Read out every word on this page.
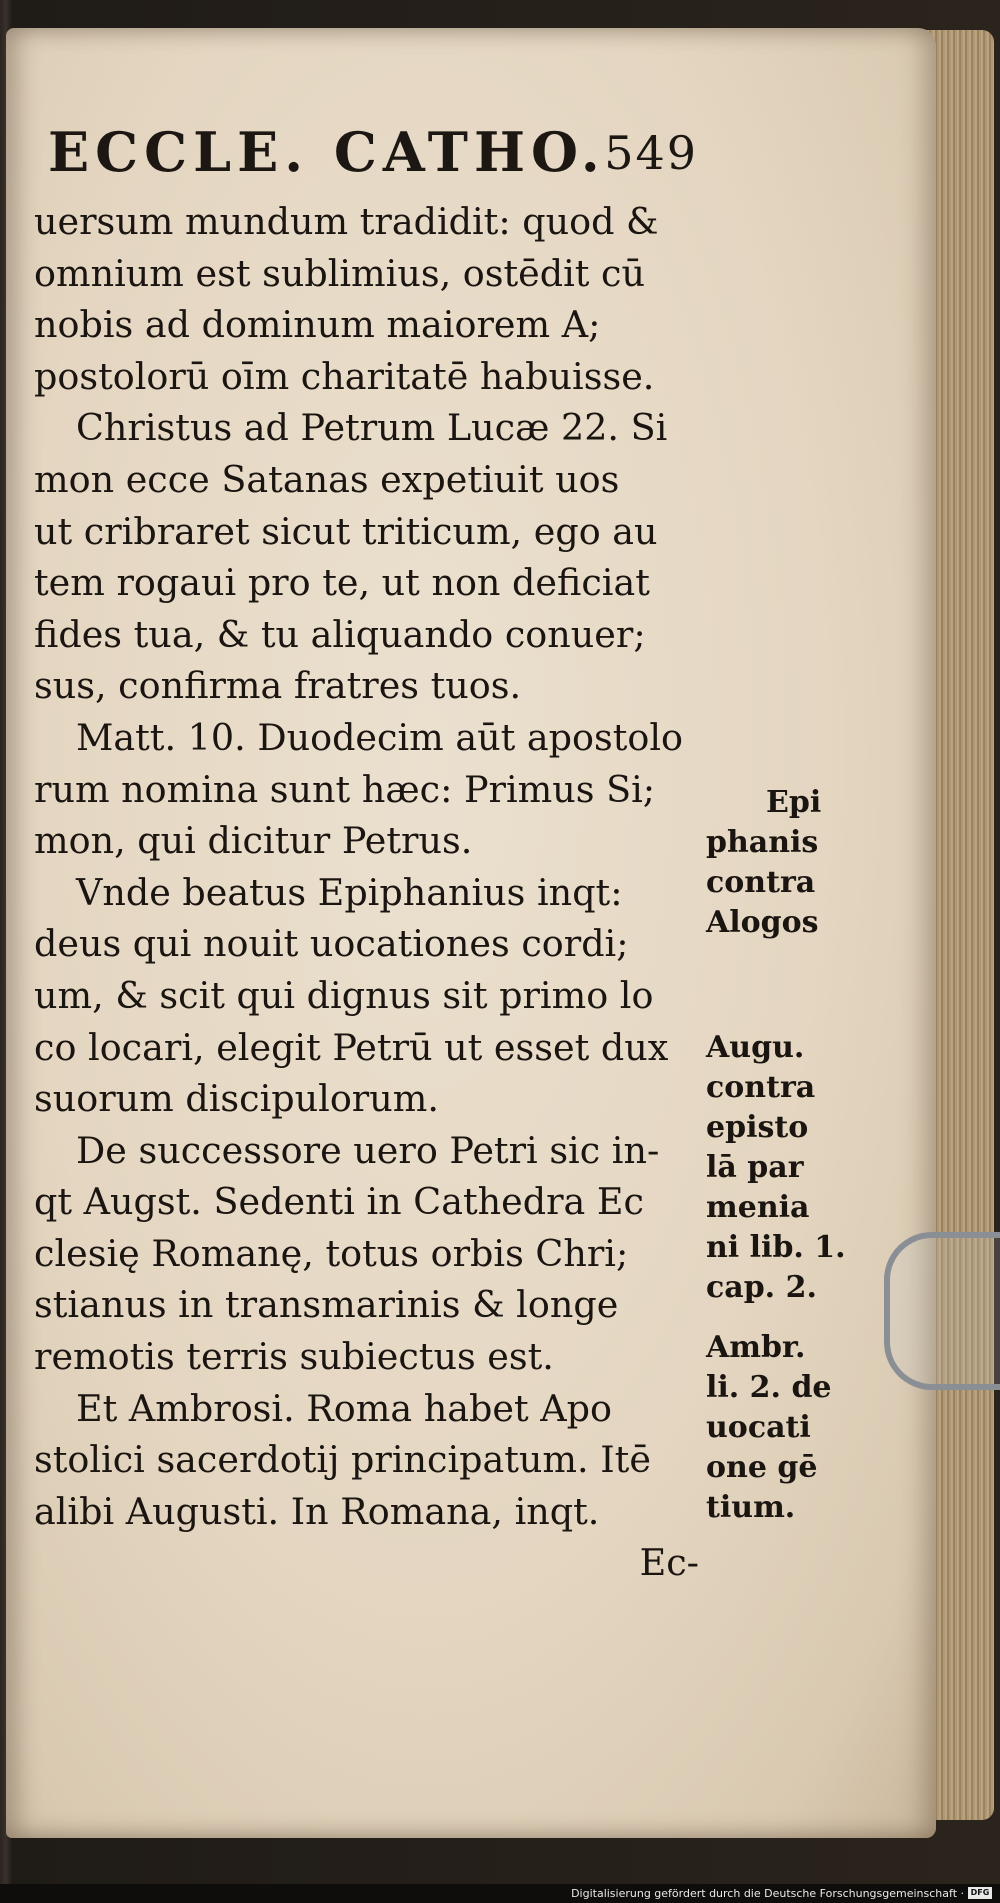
ECCLE. CATHO.
549
uersum mundum tradidit: quod &
omnium est sublimius, ostēdit cū
nobis ad dominum maiorem A;
postolorū oīm charitatē habuisse.
Christus ad Petrum Lucæ 22. Si
mon ecce Satanas expetiuit uos
ut cribraret sicut triticum, ego au
tem rogaui pro te, ut non deficiat
fides tua, & tu aliquando conuer;
sus, confirma fratres tuos.
Matt. 10. Duodecim aūt apostolo
rum nomina sunt hæc: Primus Si;
mon, qui dicitur Petrus.
Vnde beatus Epiphanius inqt:
deus qui nouit uocationes cordi;
um, & scit qui dignus sit primo lo
co locari, elegit Petrū ut esset dux
suorum discipulorum.
De successore uero Petri sic in-
qt Augst. Sedenti in Cathedra Ec
clesię Romanę, totus orbis Chri;
stianus in transmarinis & longe
remotis terris subiectus est.
Et Ambrosi. Roma habet Apo
stolici sacerdotij principatum. Itē
alibi Augusti. In Romana, inqt.
Ec-
Epi
phanis
contra
Alogos
Augu.
contra
episto
lā par
menia
ni lib. 1.
cap. 2.
Ambr.
li. 2. de
uocati
one gē
tium.
Digitalisierung gefördert durch die Deutsche Forschungsgemeinschaft · DFG
